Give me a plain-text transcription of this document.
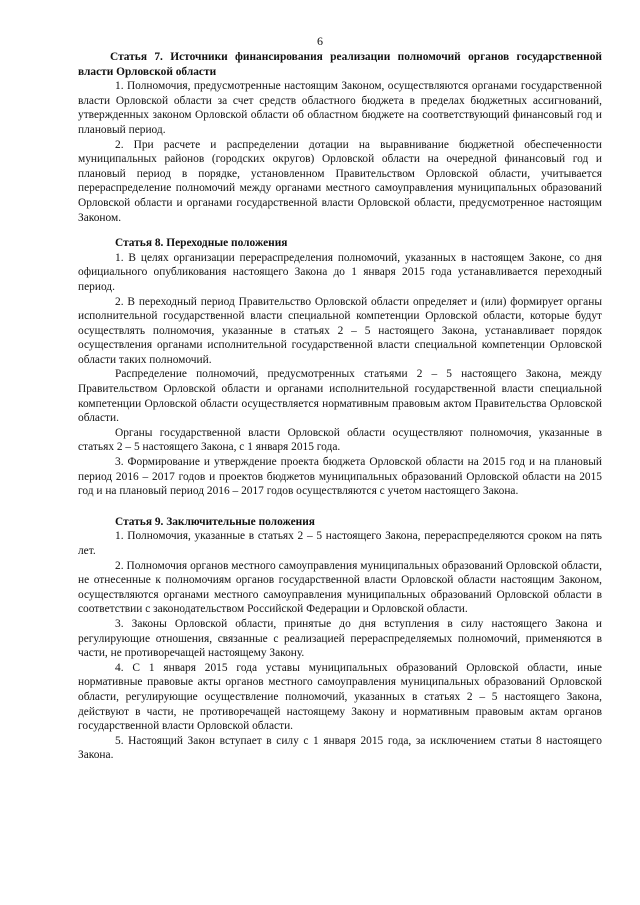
6

Статья 7. Источники финансирования реализации полномочий органов государственной власти Орловской области

1. Полномочия, предусмотренные настоящим Законом, осуществляются органами государственной власти Орловской области за счет средств областного бюджета в пределах бюджетных ассигнований, утвержденных законом Орловской области об областном бюджете на соответствующий финансовый год и плановый период.

2. При расчете и распределении дотации на выравнивание бюджетной обеспеченности муниципальных районов (городских округов) Орловской области на очередной финансовый год и плановый период в порядке, установленном Правительством Орловской области, учитывается перераспределение полномочий между органами местного самоуправления муниципальных образований Орловской области и органами государственной власти Орловской области, предусмотренное настоящим Законом.

Статья 8. Переходные положения

1. В целях организации перераспределения полномочий, указанных в настоящем Законе, со дня официального опубликования настоящего Закона до 1 января 2015 года устанавливается переходный период.

2. В переходный период Правительство Орловской области определяет и (или) формирует органы исполнительной государственной власти специальной компетенции Орловской области, которые будут осуществлять полномочия, указанные в статьях 2 – 5 настоящего Закона, устанавливает порядок осуществления органами исполнительной государственной власти специальной компетенции Орловской области таких полномочий.

Распределение полномочий, предусмотренных статьями 2 – 5 настоящего Закона, между Правительством Орловской области и органами исполнительной государственной власти специальной компетенции Орловской области осуществляется нормативным правовым актом Правительства Орловской области.

Органы государственной власти Орловской области осуществляют полномочия, указанные в статьях 2 – 5 настоящего Закона, с 1 января 2015 года.

3. Формирование и утверждение проекта бюджета Орловской области на 2015 год и на плановый период 2016 – 2017 годов и проектов бюджетов муниципальных образований Орловской области на 2015 год и на плановый период 2016 – 2017 годов осуществляются с учетом настоящего Закона.

Статья 9. Заключительные положения

1. Полномочия, указанные в статьях 2 – 5 настоящего Закона, перераспределяются сроком на пять лет.

2. Полномочия органов местного самоуправления муниципальных образований Орловской области, не отнесенные к полномочиям органов государственной власти Орловской области настоящим Законом, осуществляются органами местного самоуправления муниципальных образований Орловской области в соответствии с законодательством Российской Федерации и Орловской области.

3. Законы Орловской области, принятые до дня вступления в силу настоящего Закона и регулирующие отношения, связанные с реализацией перераспределяемых полномочий, применяются в части, не противоречащей настоящему Закону.

4. С 1 января 2015 года уставы муниципальных образований Орловской области, иные нормативные правовые акты органов местного самоуправления муниципальных образований Орловской области, регулирующие осуществление полномочий, указанных в статьях 2 – 5 настоящего Закона, действуют в части, не противоречащей настоящему Закону и нормативным правовым актам органов государственной власти Орловской области.

5. Настоящий Закон вступает в силу с 1 января 2015 года, за исключением статьи 8 настоящего Закона.
